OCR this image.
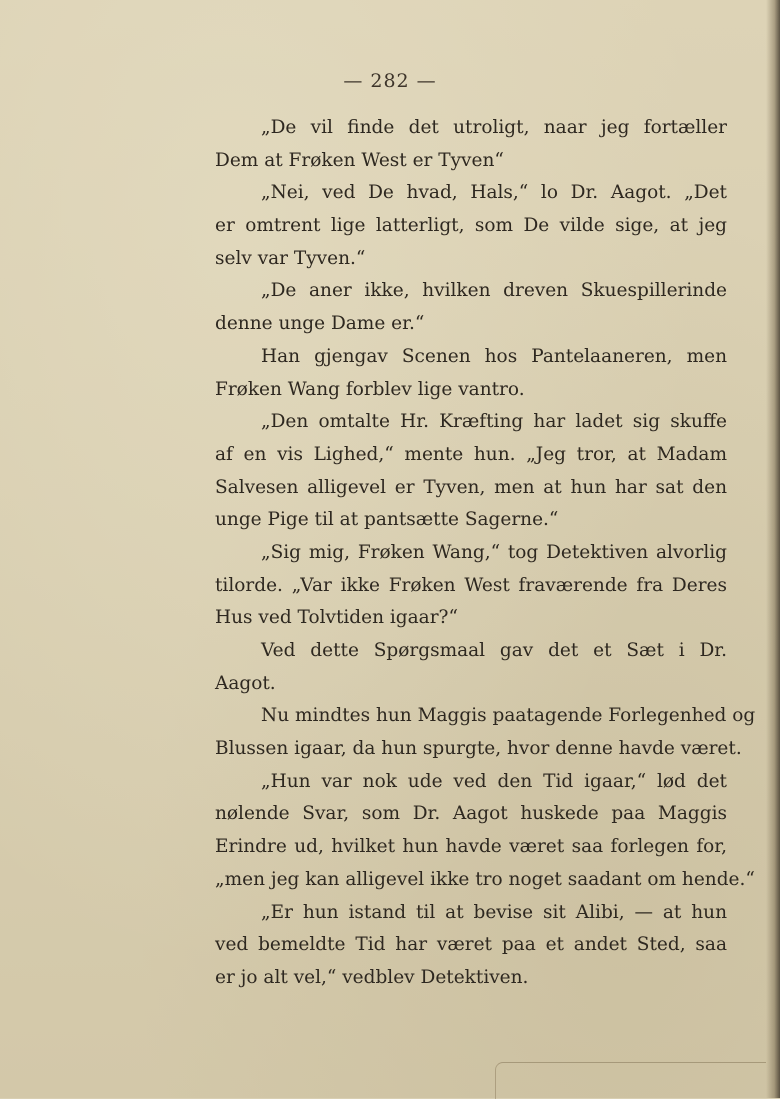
— 282 —
„De vil finde det utroligt, naar jeg fortæller
Dem at Frøken West er Tyven“
„Nei, ved De hvad, Hals,“ lo Dr. Aagot. „Det
er omtrent lige latterligt, som De vilde sige, at jeg
selv var Tyven.“
„De aner ikke, hvilken dreven Skuespillerinde
denne unge Dame er.“
Han gjengav Scenen hos Pantelaaneren, men
Frøken Wang forblev lige vantro.
„Den omtalte Hr. Kræfting har ladet sig skuffe
af en vis Lighed,“ mente hun. „Jeg tror, at Madam
Salvesen alligevel er Tyven, men at hun har sat den
unge Pige til at pantsætte Sagerne.“
„Sig mig, Frøken Wang,“ tog Detektiven alvorlig
tilorde. „Var ikke Frøken West fraværende fra Deres
Hus ved Tolvtiden igaar?“
Ved dette Spørgsmaal gav det et Sæt i Dr.
Aagot.
Nu mindtes hun Maggis paatagende Forlegenhed og
Blussen igaar, da hun spurgte, hvor denne havde været.
„Hun var nok ude ved den Tid igaar,“ lød det
nølende Svar, som Dr. Aagot huskede paa Maggis
Erindre ud, hvilket hun havde været saa forlegen for,
„men jeg kan alligevel ikke tro noget saadant om hende.“
„Er hun istand til at bevise sit Alibi, — at hun
ved bemeldte Tid har været paa et andet Sted, saa
er jo alt vel,“ vedblev Detektiven.
